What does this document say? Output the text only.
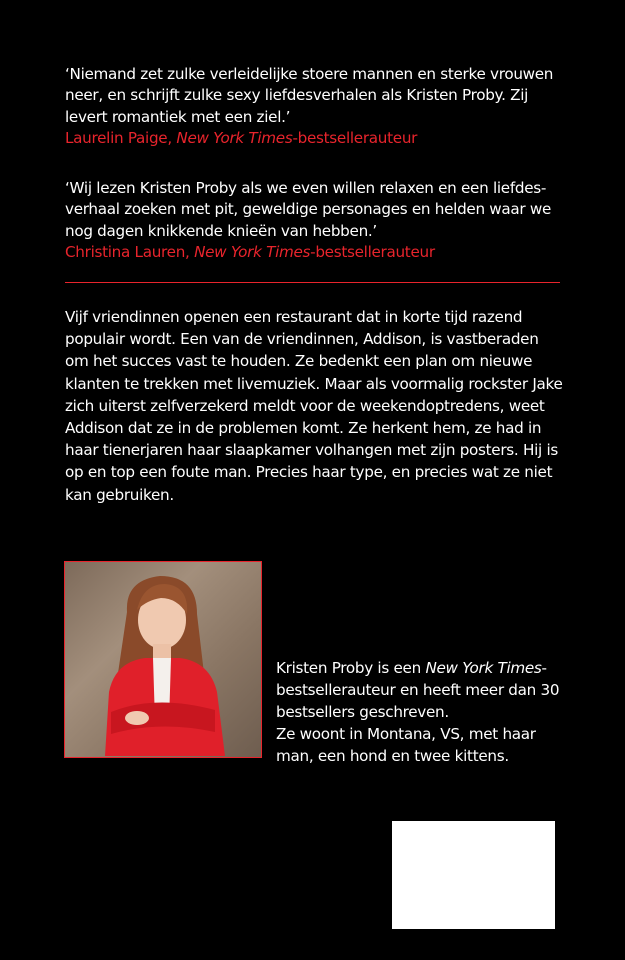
‘Niemand zet zulke verleidelijke stoere mannen en sterke vrouwen neer, en schrijft zulke sexy liefdesverhalen als Kristen Proby. Zij levert romantiek met een ziel.’
Laurelin Paige, New York Times-bestsellerauteur
‘Wij lezen Kristen Proby als we even willen relaxen en een liefdes-verhaal zoeken met pit, geweldige personages en helden waar we nog dagen knikkende knieën van hebben.’
Christina Lauren, New York Times-bestsellerauteur
Vijf vriendinnen openen een restaurant dat in korte tijd razend populair wordt. Een van de vriendinnen, Addison, is vastberaden om het succes vast te houden. Ze bedenkt een plan om nieuwe klanten te trekken met livemuziek. Maar als voormalig rockster Jake zich uiterst zelfverzekerd meldt voor de weekendoptredens, weet Addison dat ze in de problemen komt. Ze herkent hem, ze had in haar tienerjaren haar slaapkamer volhangen met zijn posters. Hij is op en top een foute man. Precies haar type, en precies wat ze niet kan gebruiken.
Kristen Proby is een New York Times-bestsellerauteur en heeft meer dan 30 bestsellers geschreven.
Ze woont in Montana, VS, met haar man, een hond en twee kittens.
